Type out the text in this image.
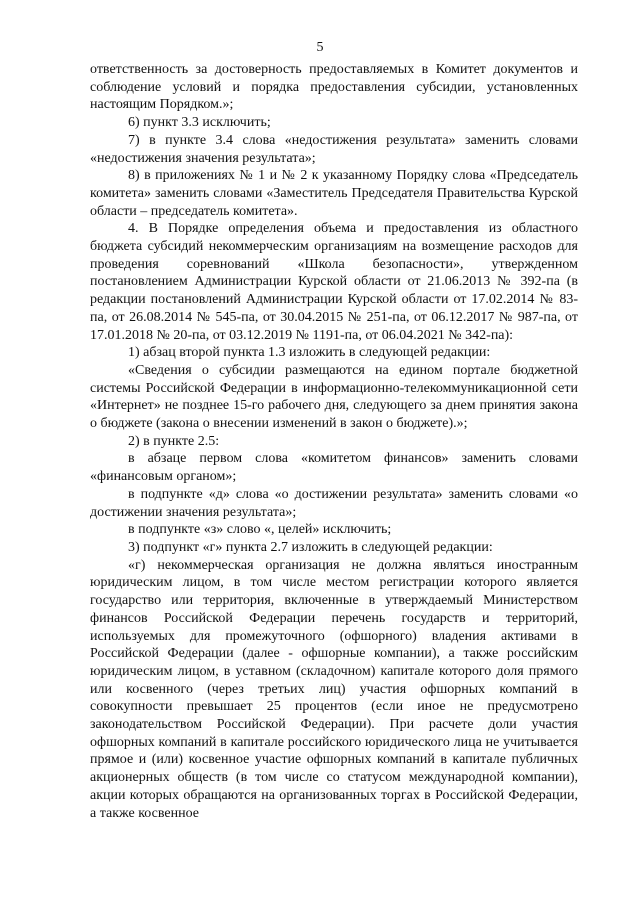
5

ответственность за достоверность предоставляемых в Комитет документов и соблюдение условий и порядка предоставления субсидии, установленных настоящим Порядком.»;

6) пункт 3.3 исключить;

7) в пункте 3.4 слова «недостижения результата» заменить словами «недостижения значения результата»;

8) в приложениях № 1 и № 2 к указанному Порядку слова «Председатель комитета» заменить словами «Заместитель Председателя Правительства Курской области – председатель комитета».

4. В Порядке определения объема и предоставления из областного бюджета субсидий некоммерческим организациям на возмещение расходов для проведения соревнований «Школа безопасности», утвержденном постановлением Администрации Курской области от 21.06.2013 № 392-па (в редакции постановлений Администрации Курской области от 17.02.2014 № 83-па, от 26.08.2014 № 545-па, от 30.04.2015 № 251-па, от 06.12.2017 № 987-па, от 17.01.2018 № 20-па, от 03.12.2019 № 1191-па, от 06.04.2021 № 342-па):

1) абзац второй пункта 1.3 изложить в следующей редакции:

«Сведения о субсидии размещаются на едином портале бюджетной системы Российской Федерации в информационно-телекоммуникационной сети «Интернет» не позднее 15-го рабочего дня, следующего за днем принятия закона о бюджете (закона о внесении изменений в закон о бюджете).»;

2) в пункте 2.5:

в абзаце первом слова «комитетом финансов» заменить словами «финансовым органом»;

в подпункте «д» слова «о достижении результата» заменить словами «о достижении значения результата»;

в подпункте «з» слово «, целей» исключить;

3) подпункт «г» пункта 2.7 изложить в следующей редакции:

«г) некоммерческая организация не должна являться иностранным юридическим лицом, в том числе местом регистрации которого является государство или территория, включенные в утверждаемый Министерством финансов Российской Федерации перечень государств и территорий, используемых для промежуточного (офшорного) владения активами в Российской Федерации (далее - офшорные компании), а также российским юридическим лицом, в уставном (складочном) капитале которого доля прямого или косвенного (через третьих лиц) участия офшорных компаний в совокупности превышает 25 процентов (если иное не предусмотрено законодательством Российской Федерации). При расчете доли участия офшорных компаний в капитале российского юридического лица не учитывается прямое и (или) косвенное участие офшорных компаний в капитале публичных акционерных обществ (в том числе со статусом международной компании), акции которых обращаются на организованных торгах в Российской Федерации, а также косвенное
